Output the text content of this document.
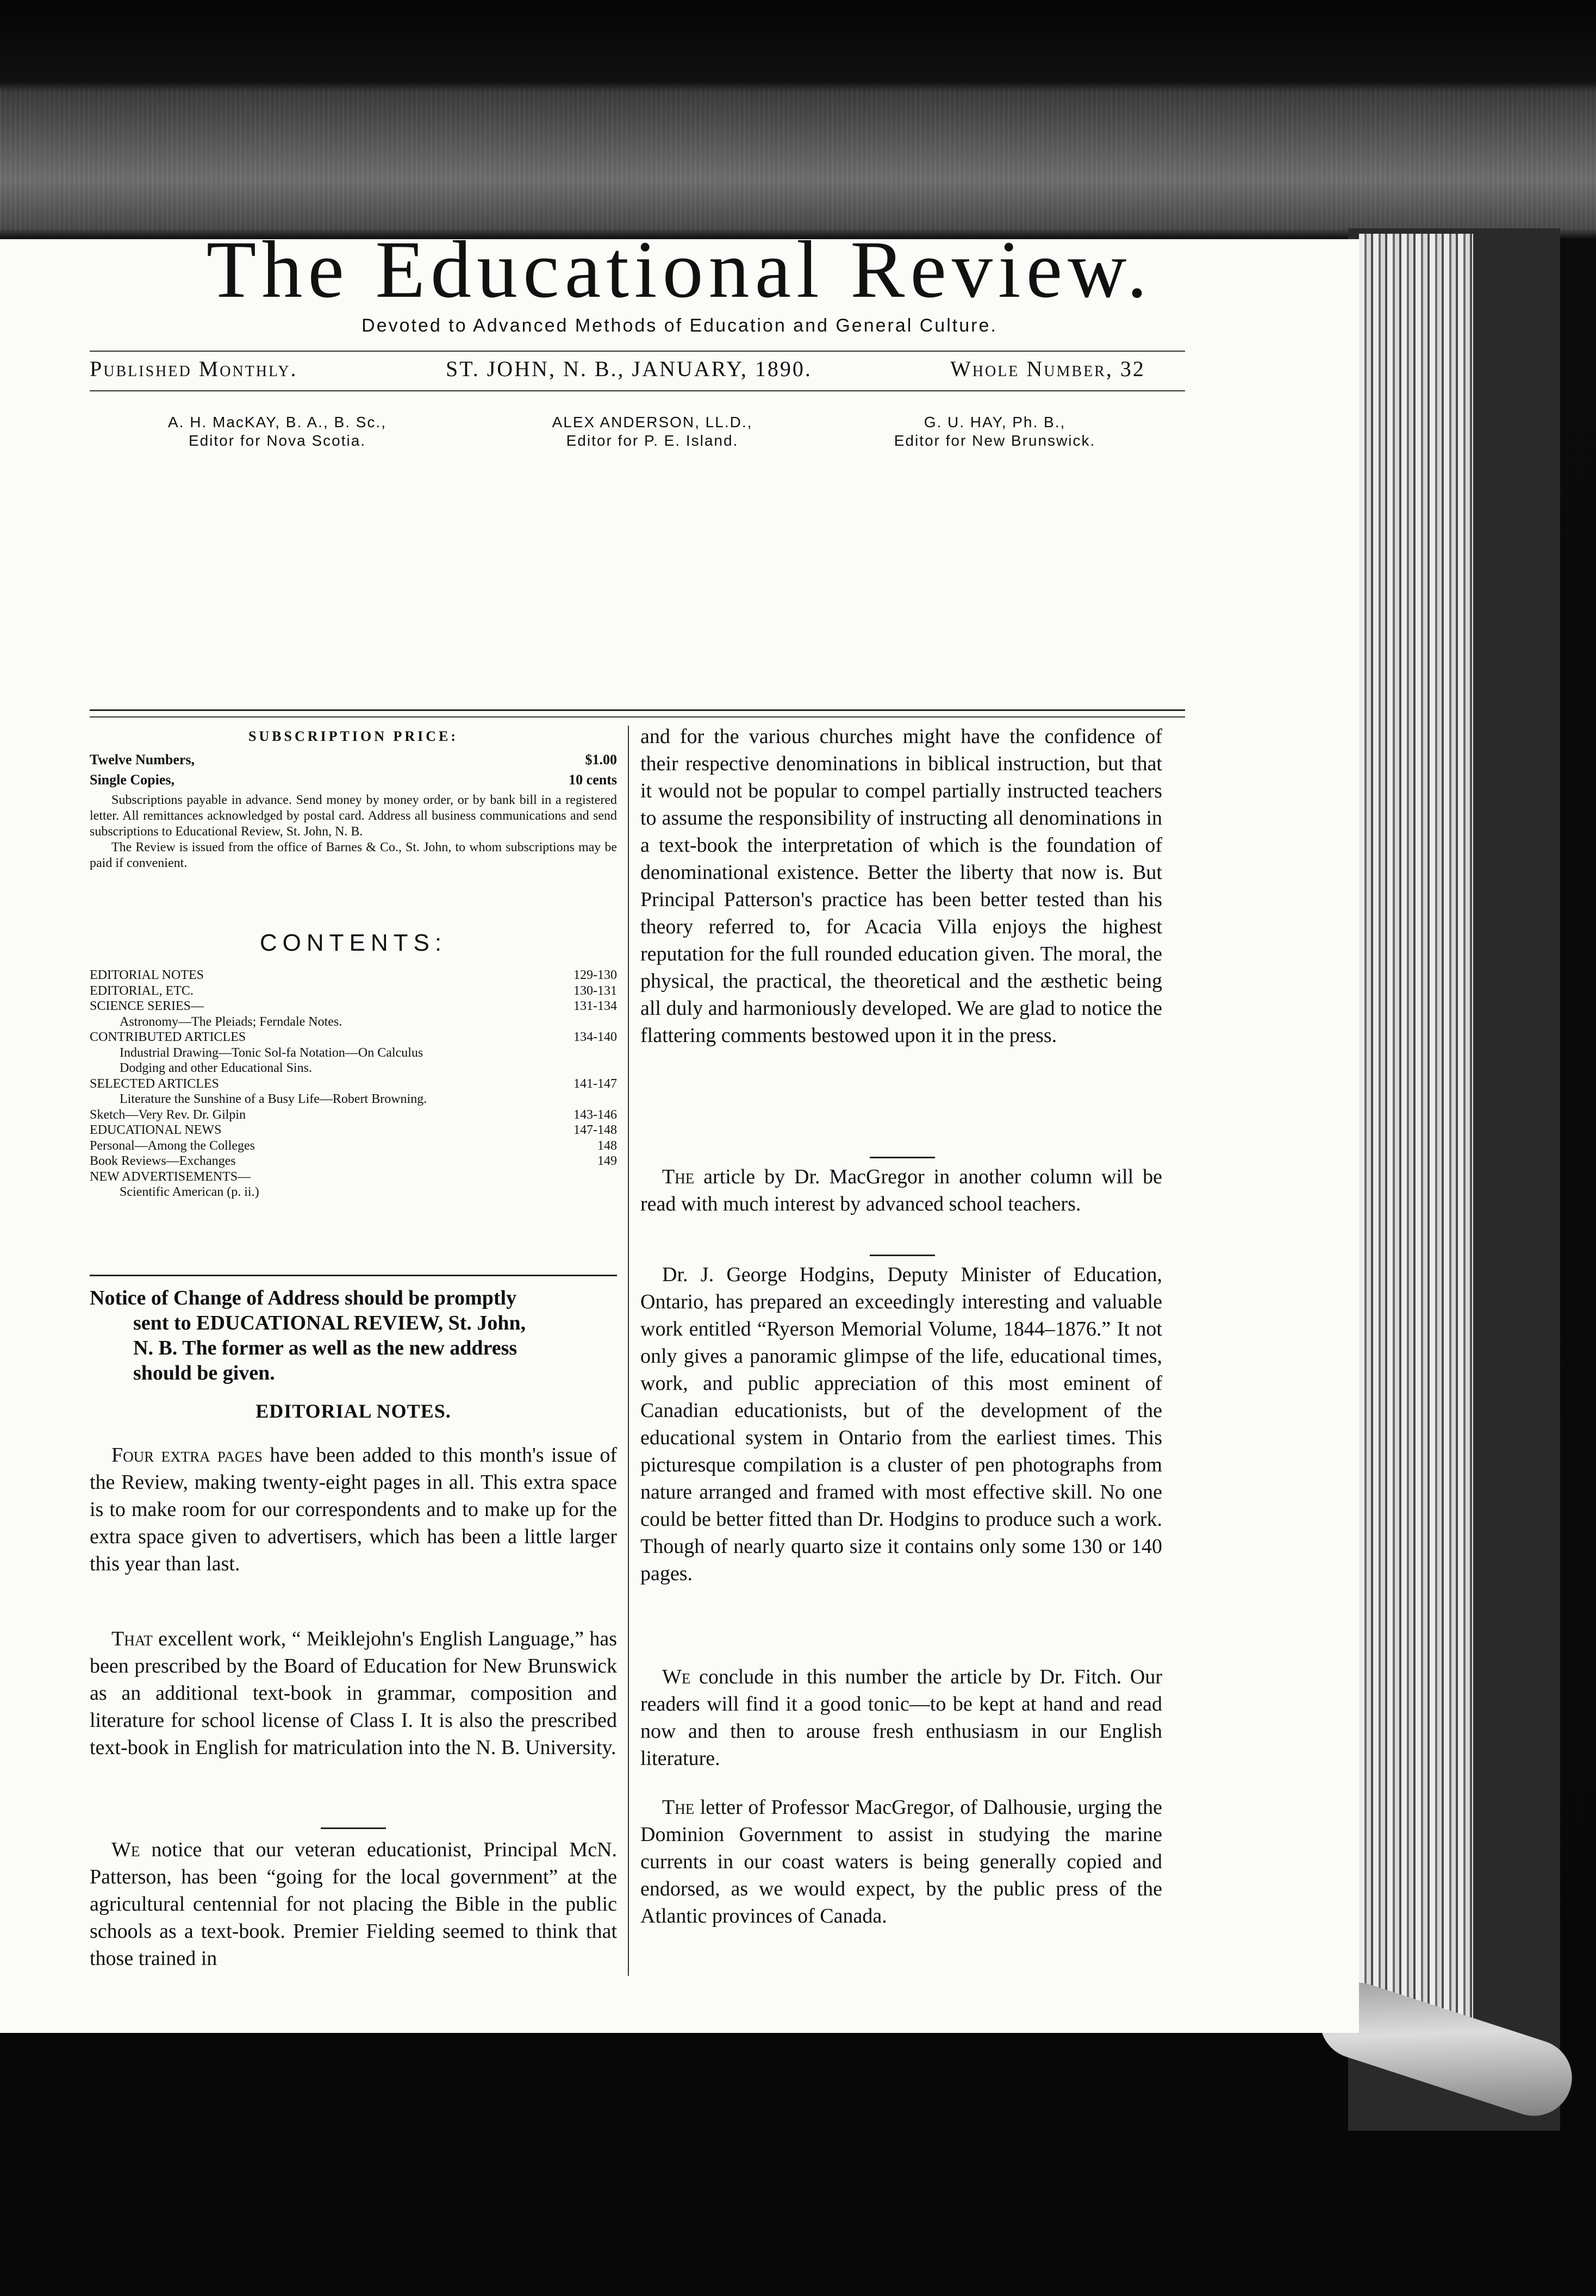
The Educational Review.
Devoted to Advanced Methods of Education and General Culture.
Published Monthly.	ST. JOHN, N. B., JANUARY, 1890.	Whole Number, 32
A. H. MacKAY, B. A., B. Sc.,
Editor for Nova Scotia.
ALEX ANDERSON, LL.D.,
Editor for P. E. Island.
G. U. HAY, Ph. B.,
Editor for New Brunswick.
SUBSCRIPTION PRICE:
Twelve Numbers,	$1.00
Single Copies,	10 cents

Subscriptions payable in advance. Send money by money order, or by bank bill in a registered letter. All remittances acknowledged by postal card. Address all business communications and send subscriptions to Educational Review, St. John, N. B.

The Review is issued from the office of Barnes & Co., St. John, to whom subscriptions may be paid if convenient.

CONTENTS:
EDITORIAL NOTES	129-130
EDITORIAL, ETC.	130-131
SCIENCE SERIES—	131-134
Astronomy—The Pleiads; Ferndale Notes.
CONTRIBUTED ARTICLES	134-140
Industrial Drawing—Tonic Sol-fa Notation—On Calculus
Dodging and other Educational Sins.
SELECTED ARTICLES	141-147
Literature the Sunshine of a Busy Life—Robert Browning.
Sketch—Very Rev. Dr. Gilpin	143-146
EDUCATIONAL NEWS	147-148
Personal—Among the Colleges	148
Book Reviews—Exchanges	149
NEW ADVERTISEMENTS—
Scientific American (p. ii.)
Notice of Change of Address should be promptly
sent to EDUCATIONAL REVIEW, St. John,
N. B. The former as well as the new address
should be given.
EDITORIAL NOTES.

Four extra pages have been added to this month's issue of the Review, making twenty-eight pages in all. This extra space is to make room for our correspondents and to make up for the extra space given to advertisers, which has been a little larger this year than last.

That excellent work, “ Meiklejohn's English Language,” has been prescribed by the Board of Education for New Brunswick as an additional text-book in grammar, composition and literature for school license of Class I. It is also the prescribed text-book in English for matriculation into the N. B. University.

We notice that our veteran educationist, Principal McN. Patterson, has been “going for the local government” at the agricultural centennial for not placing the Bible in the public schools as a text-book. Premier Fielding seemed to think that those trained in

and for the various churches might have the confidence of their respective denominations in biblical instruction, but that it would not be popular to compel partially instructed teachers to assume the responsibility of instructing all denominations in a text-book the interpretation of which is the foundation of denominational existence. Better the liberty that now is. But Principal Patterson's practice has been better tested than his theory referred to, for Acacia Villa enjoys the highest reputation for the full rounded education given. The moral, the physical, the practical, the theoretical and the æsthetic being all duly and harmoniously developed. We are glad to notice the flattering comments bestowed upon it in the press.

The article by Dr. MacGregor in another column will be read with much interest by advanced school teachers.

Dr. J. George Hodgins, Deputy Minister of Education, Ontario, has prepared an exceedingly interesting and valuable work entitled “Ryerson Memorial Volume, 1844–1876.” It not only gives a panoramic glimpse of the life, educational times, work, and public appreciation of this most eminent of Canadian educationists, but of the development of the educational system in Ontario from the earliest times. This picturesque compilation is a cluster of pen photographs from nature arranged and framed with most effective skill. No one could be better fitted than Dr. Hodgins to produce such a work. Though of nearly quarto size it contains only some 130 or 140 pages.

We conclude in this number the article by Dr. Fitch. Our readers will find it a good tonic—to be kept at hand and read now and then to arouse fresh enthusiasm in our English literature.

The letter of Professor MacGregor, of Dalhousie, urging the Dominion Government to assist in studying the marine currents in our coast waters is being generally copied and endorsed, as we would expect, by the public press of the Atlantic provinces of Canada.
